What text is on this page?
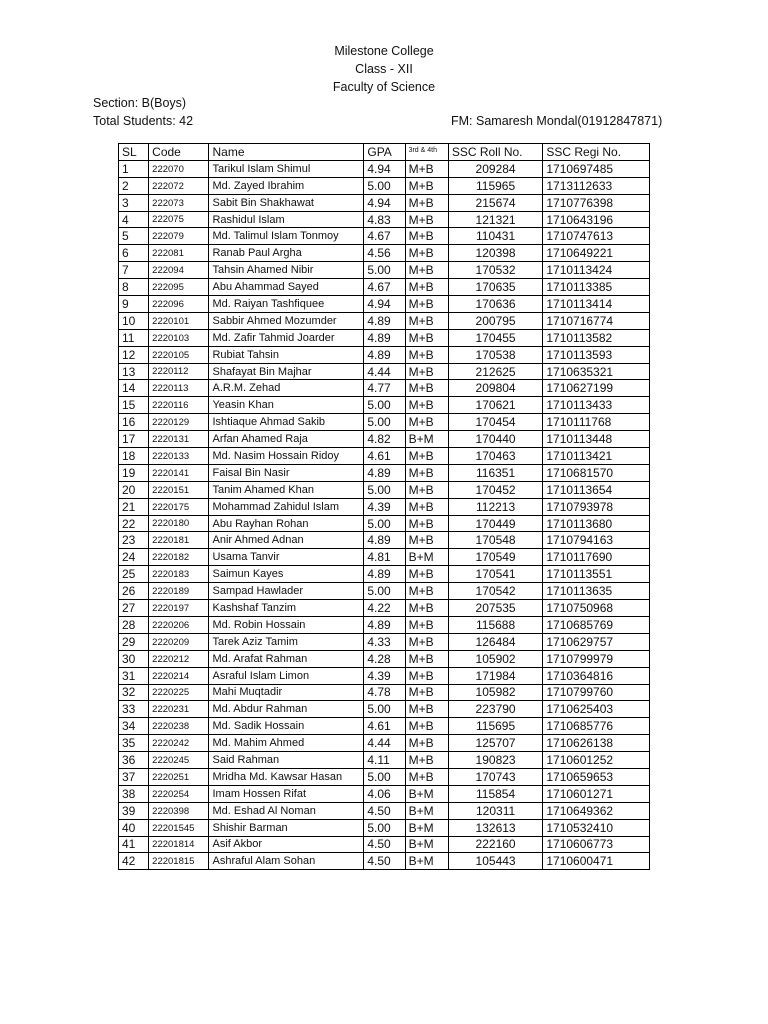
Milestone College
Class - XII
Faculty of Science
Section: B(Boys)
Total Students: 42	FM: Samaresh Mondal(01912847871)
SL	Code	Name	GPA	3rd & 4th	SSC Roll No.	SSC Regi No.
1	222070	Tarikul Islam Shimul	4.94	M+B	209284	1710697485
2	222072	Md. Zayed Ibrahim	5.00	M+B	115965	1713112633
3	222073	Sabit Bin Shakhawat	4.94	M+B	215674	1710776398
4	222075	Rashidul Islam	4.83	M+B	121321	1710643196
5	222079	Md. Talimul Islam Tonmoy	4.67	M+B	110431	1710747613
6	222081	Ranab Paul Argha	4.56	M+B	120398	1710649221
7	222094	Tahsin Ahamed Nibir	5.00	M+B	170532	1710113424
8	222095	Abu Ahammad Sayed	4.67	M+B	170635	1710113385
9	222096	Md. Raiyan Tashfiquee	4.94	M+B	170636	1710113414
10	2220101	Sabbir Ahmed Mozumder	4.89	M+B	200795	1710716774
11	2220103	Md. Zafir Tahmid Joarder	4.89	M+B	170455	1710113582
12	2220105	Rubiat Tahsin	4.89	M+B	170538	1710113593
13	2220112	Shafayat Bin Majhar	4.44	M+B	212625	1710635321
14	2220113	A.R.M. Zehad	4.77	M+B	209804	1710627199
15	2220116	Yeasin Khan	5.00	M+B	170621	1710113433
16	2220129	Ishtiaque Ahmad Sakib	5.00	M+B	170454	1710111768
17	2220131	Arfan Ahamed Raja	4.82	B+M	170440	1710113448
18	2220133	Md. Nasim Hossain Ridoy	4.61	M+B	170463	1710113421
19	2220141	Faisal Bin Nasir	4.89	M+B	116351	1710681570
20	2220151	Tanim Ahamed Khan	5.00	M+B	170452	1710113654
21	2220175	Mohammad Zahidul Islam	4.39	M+B	112213	1710793978
22	2220180	Abu Rayhan Rohan	5.00	M+B	170449	1710113680
23	2220181	Anir Ahmed Adnan	4.89	M+B	170548	1710794163
24	2220182	Usama Tanvir	4.81	B+M	170549	1710117690
25	2220183	Saimun Kayes	4.89	M+B	170541	1710113551
26	2220189	Sampad Hawlader	5.00	M+B	170542	1710113635
27	2220197	Kashshaf Tanzim	4.22	M+B	207535	1710750968
28	2220206	Md. Robin Hossain	4.89	M+B	115688	1710685769
29	2220209	Tarek Aziz Tamim	4.33	M+B	126484	1710629757
30	2220212	Md. Arafat Rahman	4.28	M+B	105902	1710799979
31	2220214	Asraful Islam Limon	4.39	M+B	171984	1710364816
32	2220225	Mahi Muqtadir	4.78	M+B	105982	1710799760
33	2220231	Md. Abdur Rahman	5.00	M+B	223790	1710625403
34	2220238	Md. Sadik Hossain	4.61	M+B	115695	1710685776
35	2220242	Md. Mahim Ahmed	4.44	M+B	125707	1710626138
36	2220245	Said Rahman	4.11	M+B	190823	1710601252
37	2220251	Mridha Md. Kawsar Hasan	5.00	M+B	170743	1710659653
38	2220254	Imam Hossen Rifat	4.06	B+M	115854	1710601271
39	2220398	Md. Eshad Al Noman	4.50	B+M	120311	1710649362
40	22201545	Shishir Barman	5.00	B+M	132613	1710532410
41	22201814	Asif Akbor	4.50	B+M	222160	1710606773
42	22201815	Ashraful Alam Sohan	4.50	B+M	105443	1710600471
